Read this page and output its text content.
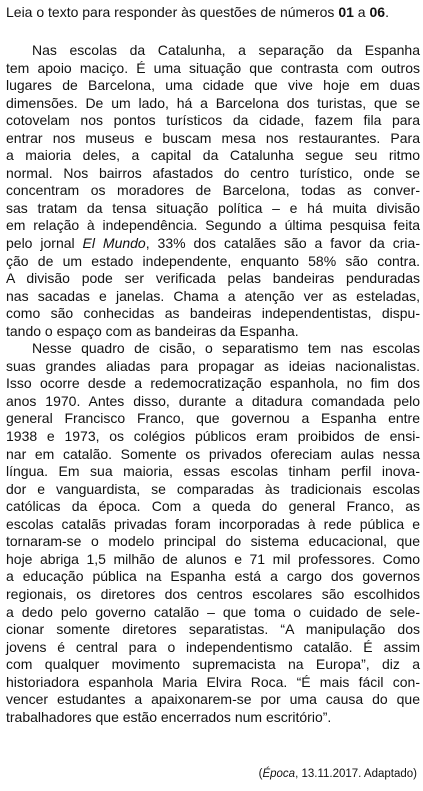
Leia o texto para responder às questões de números 01 a 06.
Nas escolas da Catalunha, a separação da Espanha
tem apoio maciço. É uma situação que contrasta com outros
lugares de Barcelona, uma cidade que vive hoje em duas
dimensões. De um lado, há a Barcelona dos turistas, que se
cotovelam nos pontos turísticos da cidade, fazem fila para
entrar nos museus e buscam mesa nos restaurantes. Para
a maioria deles, a capital da Catalunha segue seu ritmo
normal. Nos bairros afastados do centro turístico, onde se
concentram os moradores de Barcelona, todas as conver-
sas tratam da tensa situação política – e há muita divisão
em relação à independência. Segundo a última pesquisa feita
pelo jornal El Mundo, 33% dos catalães são a favor da cria-
ção de um estado independente, enquanto 58% são contra.
A divisão pode ser verificada pelas bandeiras penduradas
nas sacadas e janelas. Chama a atenção ver as esteladas,
como são conhecidas as bandeiras independentistas, dispu-
tando o espaço com as bandeiras da Espanha.
Nesse quadro de cisão, o separatismo tem nas escolas
suas grandes aliadas para propagar as ideias nacionalistas.
Isso ocorre desde a redemocratização espanhola, no fim dos
anos 1970. Antes disso, durante a ditadura comandada pelo
general Francisco Franco, que governou a Espanha entre
1938 e 1973, os colégios públicos eram proibidos de ensi-
nar em catalão. Somente os privados ofereciam aulas nessa
língua. Em sua maioria, essas escolas tinham perfil inova-
dor e vanguardista, se comparadas às tradicionais escolas
católicas da época. Com a queda do general Franco, as
escolas catalãs privadas foram incorporadas à rede pública e
tornaram-se o modelo principal do sistema educacional, que
hoje abriga 1,5 milhão de alunos e 71 mil professores. Como
a educação pública na Espanha está a cargo dos governos
regionais, os diretores dos centros escolares são escolhidos
a dedo pelo governo catalão – que toma o cuidado de sele-
cionar somente diretores separatistas. “A manipulação dos
jovens é central para o independentismo catalão. É assim
com qualquer movimento supremacista na Europa”, diz a
historiadora espanhola Maria Elvira Roca. “É mais fácil con-
vencer estudantes a apaixonarem-se por uma causa do que
trabalhadores que estão encerrados num escritório”.
(Época, 13.11.2017. Adaptado)
